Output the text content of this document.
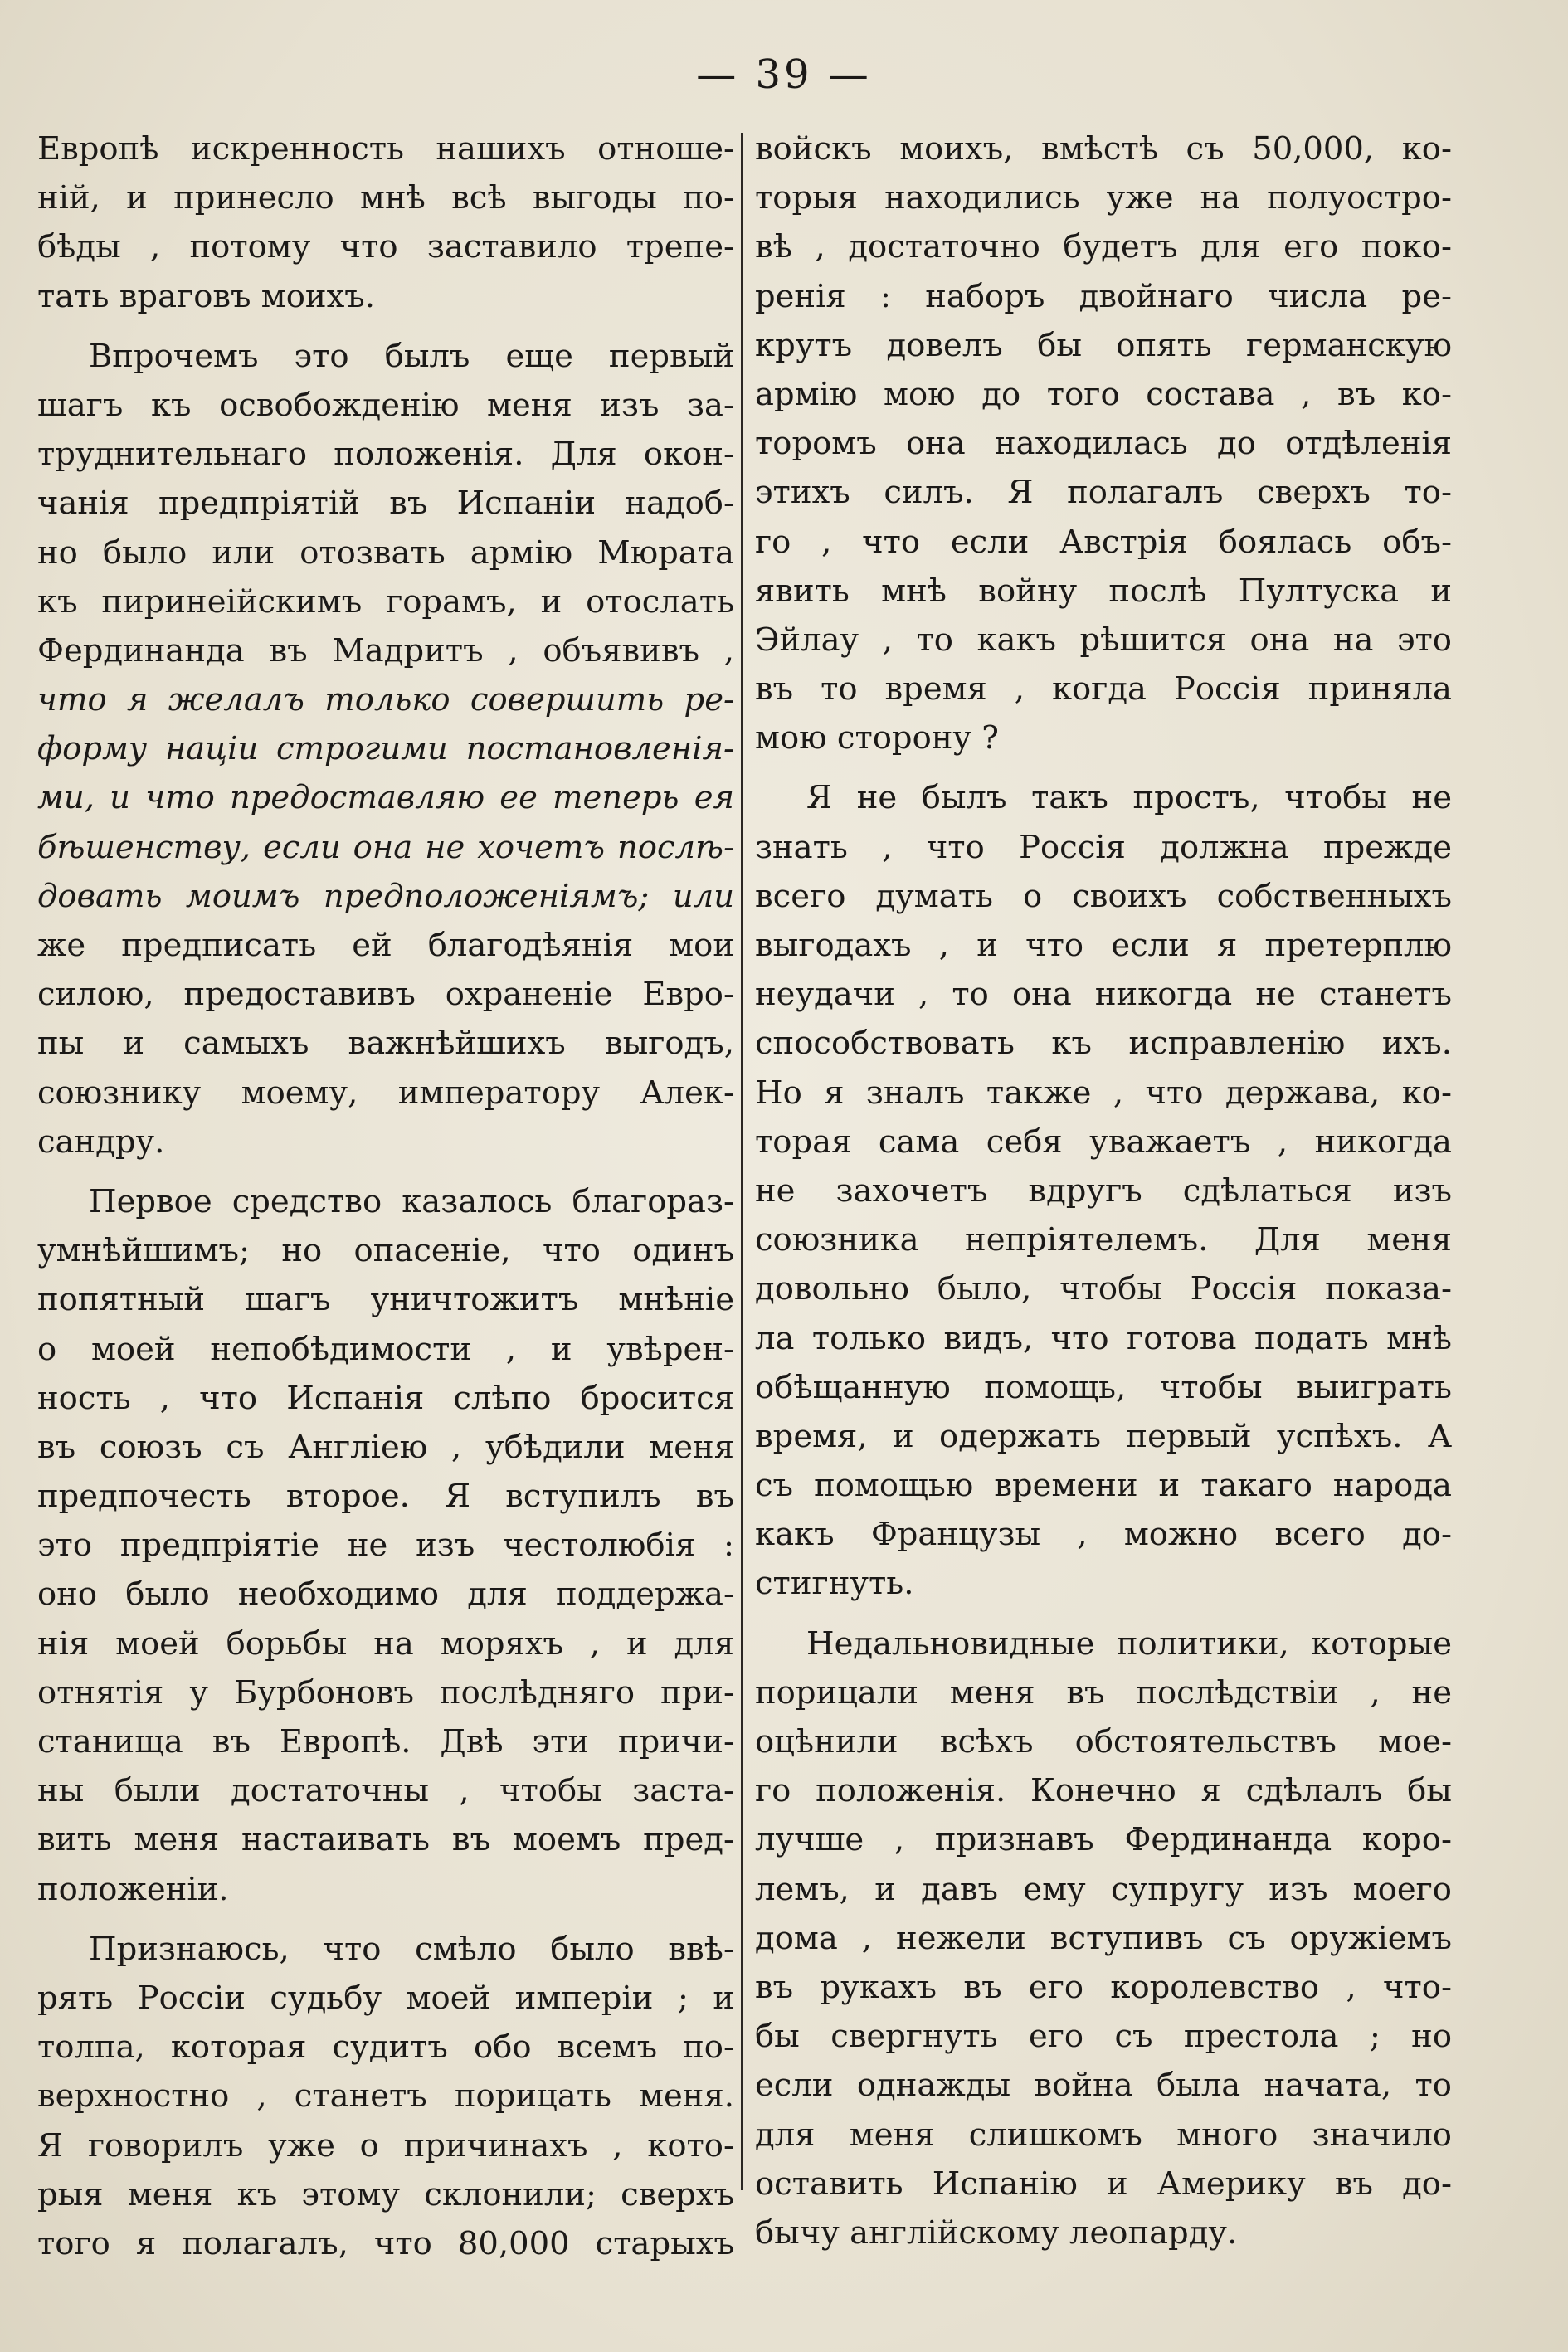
— 39 —
Европѣ искренность нашихъ отноше-
ній, и принесло мнѣ всѣ выгоды по-
бѣды , потому что заставило трепе-
тать враговъ моихъ.
Впрочемъ это былъ еще первый
шагъ къ освобожденію меня изъ за-
труднительнаго положенія. Для окон-
чанія предпріятій въ Испаніи надоб-
но было или отозвать армію Мюрата
къ пиринеійскимъ горамъ, и отослать
Фердинанда въ Мадритъ , объявивъ ,
что я желалъ только совершить ре-
форму націи строгими постановленія-
ми, и что предоставляю ее теперь ея
бѣшенству, если она не хочетъ послѣ-
довать моимъ предположеніямъ; или
же предписать ей благодѣянія мои
силою, предоставивъ охраненіе Евро-
пы и самыхъ важнѣйшихъ выгодъ,
союзнику моему, императору Алек-
сандру.
Первое средство казалось благораз-
умнѣйшимъ; но опасеніе, что одинъ
попятный шагъ уничтожитъ мнѣніе
о моей непобѣдимости , и увѣрен-
ность , что Испанія слѣпо бросится
въ союзъ съ Англіею , убѣдили меня
предпочесть второе. Я вступилъ въ
это предпріятіе не изъ честолюбія :
оно было необходимо для поддержа-
нія моей борьбы на моряхъ , и для
отнятія у Бурбоновъ послѣдняго при-
станища въ Европѣ. Двѣ эти причи-
ны были достаточны , чтобы заста-
вить меня настаивать въ моемъ пред-
положеніи.
Признаюсь, что смѣло было ввѣ-
рять Россіи судьбу моей имперіи ; и
толпа, которая судитъ обо всемъ по-
верхностно , станетъ порицать меня.
Я говорилъ уже о причинахъ , кото-
рыя меня къ этому склонили; сверхъ
того я полагалъ, что 80,000 старыхъ
войскъ моихъ, вмѣстѣ съ 50,000, ко-
торыя находились уже на полуостро-
вѣ , достаточно будетъ для его поко-
ренія : наборъ двойнаго числа ре-
крутъ довелъ бы опять германскую
армію мою до того состава , въ ко-
торомъ она находилась до отдѣленія
этихъ силъ. Я полагалъ сверхъ то-
го , что если Австрія боялась объ-
явить мнѣ войну послѣ Пултуска и
Эйлау , то какъ рѣшится она на это
въ то время , когда Россія приняла
мою сторону ?
Я не былъ такъ простъ, чтобы не
знать , что Россія должна прежде
всего думать о своихъ собственныхъ
выгодахъ , и что если я претерплю
неудачи , то она никогда не станетъ
способствовать къ исправленію ихъ.
Но я зналъ также , что держава, ко-
торая сама себя уважаетъ , никогда
не захочетъ вдругъ сдѣлаться изъ
союзника непріятелемъ. Для меня
довольно было, чтобы Россія показа-
ла только видъ, что готова подать мнѣ
обѣщанную помощь, чтобы выиграть
время, и одержать первый успѣхъ. А
съ помощью времени и такаго народа
какъ Французы , можно всего до-
стигнуть.
Недальновидные политики, которые
порицали меня въ послѣдствіи , не
оцѣнили всѣхъ обстоятельствъ мое-
го положенія. Конечно я сдѣлалъ бы
лучше , признавъ Фердинанда коро-
лемъ, и давъ ему супругу изъ моего
дома , нежели вступивъ съ оружіемъ
въ рукахъ въ его королевство , что-
бы свергнуть его съ престола ; но
если однажды война была начата, то
для меня слишкомъ много значило
оставить Испанію и Америку въ до-
бычу англійскому леопарду.
